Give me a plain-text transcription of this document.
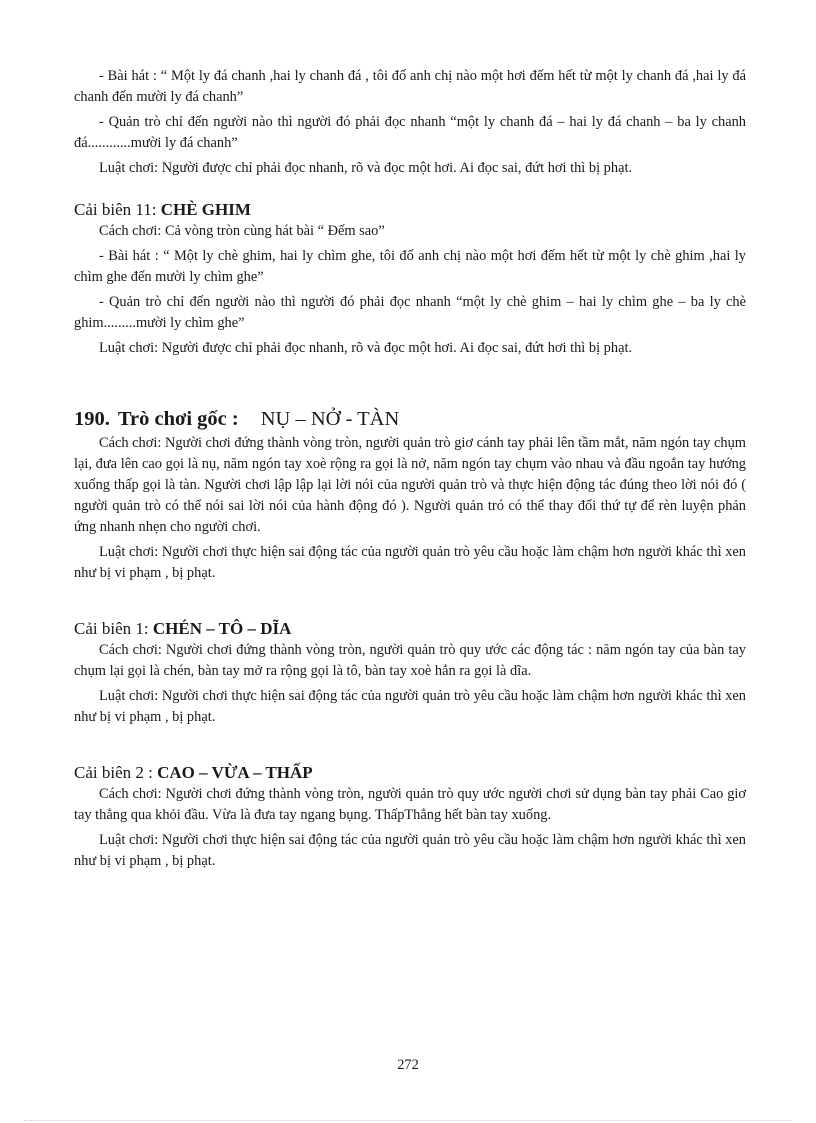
- Bài hát : “ Một ly đá chanh ,hai ly chanh đá , tôi đố anh chị nào một hơi đếm hết từ một ly chanh đá ,hai ly đá chanh đến mười ly đá chanh”

- Quản trò chỉ đến người nào thì người đó phải đọc nhanh “một ly chanh đá – hai ly đá chanh – ba ly chanh đá............mười ly đá chanh”

Luật chơi: Người được chỉ phải đọc nhanh, rõ và đọc một hơi. Ai đọc sai, đứt hơi thì bị phạt.

Cải biên 11: CHÈ GHIM

Cách chơi: Cả vòng tròn cùng hát bài “ Đếm sao”

- Bài hát : “ Một ly chè ghim, hai ly chìm ghe, tôi đố anh chị nào một hơi đếm hết từ một ly chè ghim ,hai ly chìm ghe đến mười ly chìm ghe”

- Quản trò chỉ đến người nào thì người đó phải đọc nhanh “một ly chè ghim – hai ly chìm ghe – ba ly chè ghim.........mười ly chìm ghe”

Luật chơi: Người được chỉ phải đọc nhanh, rõ và đọc một hơi. Ai đọc sai, đứt hơi thì bị phạt.

190. Trò chơi gốc : NỤ – NỞ - TÀN

Cách chơi: Người chơi đứng thành vòng tròn, người quản trò giơ cánh tay phải lên tầm mắt, năm ngón tay chụm lại, đưa lên cao gọi là nụ, năm ngón tay xoè rộng ra gọi là nở, năm ngón tay chụm vào nhau và đầu ngoắn tay hướng xuống thấp gọi là tàn. Người chơi lập lập lại lời nói của người quản trò và thực hiện động tác đúng theo lời nói đó ( người quản trò có thể nói sai lời nói của hành động đó ). Người quản tró có thể thay đổi thứ tự để rèn luyện phản ứng nhanh nhẹn cho người chơi.

Luật chơi: Người chơi thực hiện sai động tác của người quản trò yêu cầu hoặc làm chậm hơn người khác thì xen như bị vi phạm , bị phạt.

Cải biên 1: CHÉN – TÔ – DĨA

Cách chơi: Người chơi đứng thành vòng tròn, người quản trò quy ước các động tác : năm ngón tay của bàn tay chụm lại gọi là chén, bàn tay mở ra rộng gọi là tô, bàn tay xoè hẳn ra gọi là dĩa.

Luật chơi: Người chơi thực hiện sai động tác của người quản trò yêu cầu hoặc làm chậm hơn người khác thì xen như bị vi phạm , bị phạt.

Cải biên 2 : CAO – VỪA – THẤP

Cách chơi: Người chơi đứng thành vòng tròn, người quản trò quy ước người chơi sử dụng bàn tay phải Cao giơ tay thẳng qua khỏi đầu. Vừa là đưa tay ngang bụng. ThấpThẳng hết bàn tay xuống.

Luật chơi: Người chơi thực hiện sai động tác của người quản trò yêu cầu hoặc làm chậm hơn người khác thì xen như bị vi phạm , bị phạt.

272
